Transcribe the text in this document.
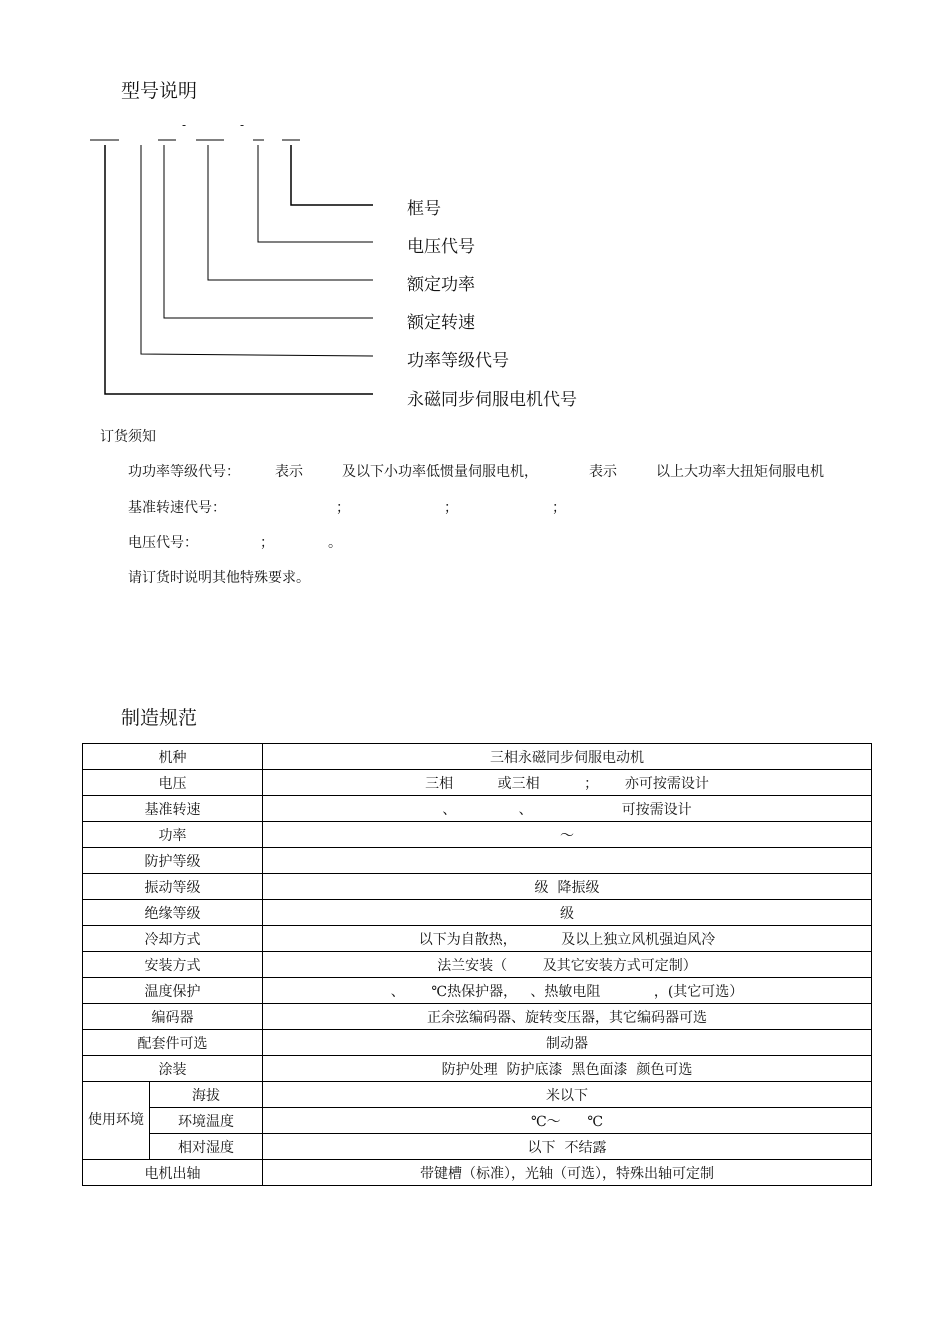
型号说明
-	-
框号
电压代号
额定功率
额定转速
功率等级代号
永磁同步伺服电机代号
订货须知
功功率等级代号：	表示	及以下小功率低惯量伺服电机，	表示	以上大功率大扭矩伺服电机
基准转速代号：	；	；	；
电压代号：	；	。
请订货时说明其他特殊要求。
制造规范
机种		三相永磁同步伺服电动机
电压		三相          或三相          ；      亦可按需设计
基准转速		、              、                    可按需设计
功率		～
防护等级		
振动等级		级  降振级
绝缘等级		级
冷却方式		以下为自散热，          及以上独立风机强迫风冷
安装方式		法兰安装（        及其它安装方式可定制）
温度保护		、      ℃热保护器，   、热敏电阻            ，(其它可选）
编码器		正余弦编码器、旋转变压器，其它编码器可选
配套件可选		制动器
涂装		防护处理  防护底漆  黑色面漆  颜色可选
使用环境	海拔	米以下
	环境温度	℃～      ℃
	相对湿度	以下  不结露
电机出轴		带键槽（标准），光轴（可选），特殊出轴可定制
